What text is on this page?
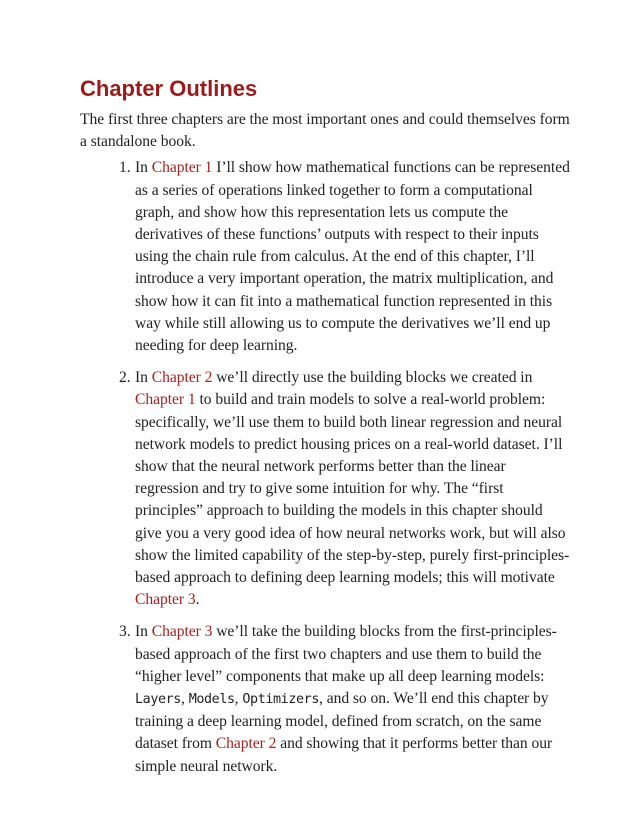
Chapter Outlines

The first three chapters are the most important ones and could themselves form a standalone book.

1. In Chapter 1 I’ll show how mathematical functions can be represented as a series of operations linked together to form a computational graph, and show how this representation lets us compute the derivatives of these functions’ outputs with respect to their inputs using the chain rule from calculus. At the end of this chapter, I’ll introduce a very important operation, the matrix multiplication, and show how it can fit into a mathematical function represented in this way while still allowing us to compute the derivatives we’ll end up needing for deep learning.
2. In Chapter 2 we’ll directly use the building blocks we created in Chapter 1 to build and train models to solve a real-world problem: specifically, we’ll use them to build both linear regression and neural network models to predict housing prices on a real-world dataset. I’ll show that the neural network performs better than the linear regression and try to give some intuition for why. The “first principles” approach to building the models in this chapter should give you a very good idea of how neural networks work, but will also show the limited capability of the step-by-step, purely first-principles-based approach to defining deep learning models; this will motivate Chapter 3.
3. In Chapter 3 we’ll take the building blocks from the first-principles-based approach of the first two chapters and use them to build the “higher level” components that make up all deep learning models: Layers, Models, Optimizers, and so on. We’ll end this chapter by training a deep learning model, defined from scratch, on the same dataset from Chapter 2 and showing that it performs better than our simple neural network.
